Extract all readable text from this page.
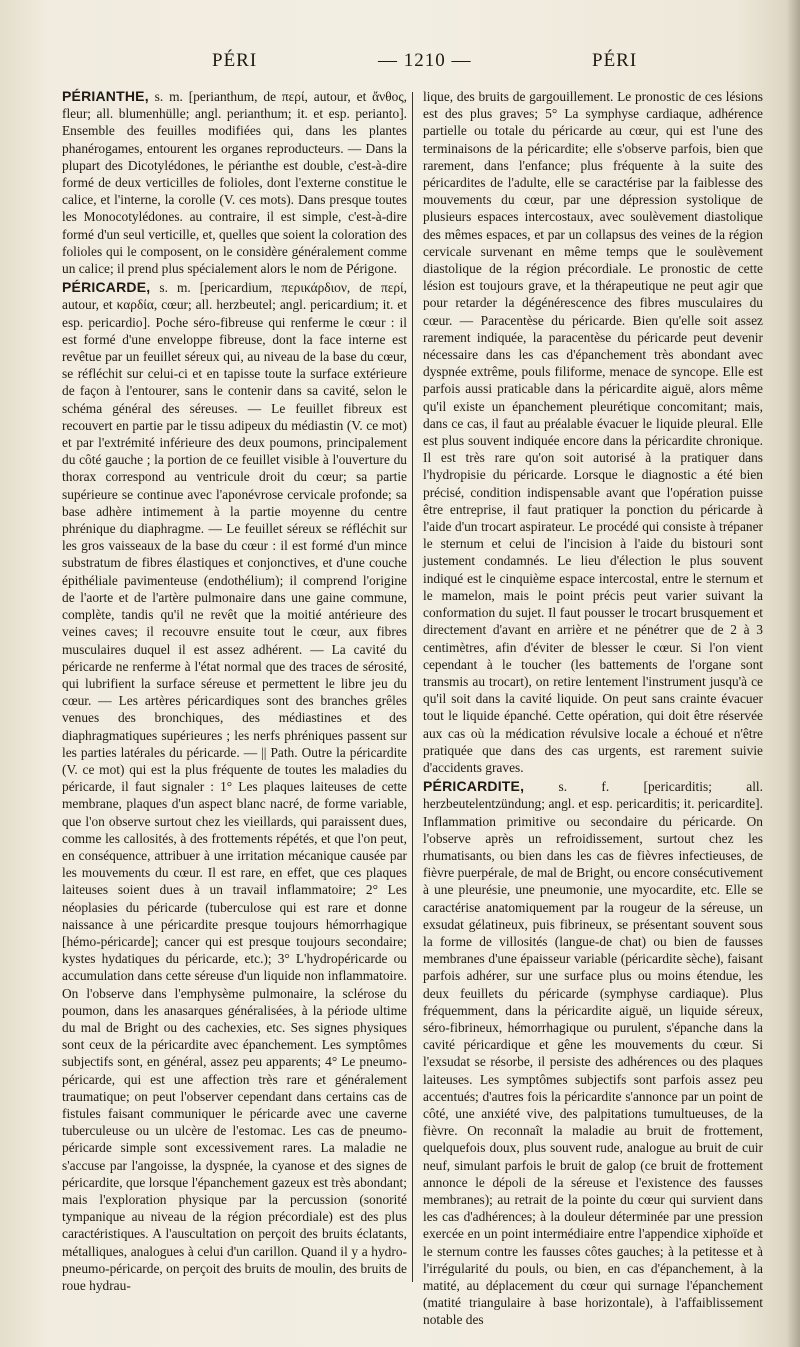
PÉRI	— 1210 —	PÉRI

PÉRIANTHE, s. m. [perianthum, de περί, autour, et ἄνθος, fleur; all. blumenhülle; angl. perianthum; it. et esp. perianto]. Ensemble des feuilles modifiées qui, dans les plantes phanérogames, entourent les organes reproducteurs. — Dans la plupart des Dicotylédones, le périanthe est double, c'est-à-dire formé de deux verticilles de folioles, dont l'externe constitue le calice, et l'interne, la corolle (V. ces mots). Dans presque toutes les Monocotylédones. au contraire, il est simple, c'est-à-dire formé d'un seul verticille, et, quelles que soient la coloration des folioles qui le composent, on le considère généralement comme un calice; il prend plus spécialement alors le nom de Périgone.

PÉRICARDE, s. m. [pericardium, περικάρδιον, de περί, autour, et καρδία, cœur; all. herzbeutel; angl. pericardium; it. et esp. pericardio]. Poche séro-fibreuse qui renferme le cœur : il est formé d'une enveloppe fibreuse, dont la face interne est revêtue par un feuillet séreux qui, au niveau de la base du cœur, se réfléchit sur celui-ci et en tapisse toute la surface extérieure de façon à l'entourer, sans le contenir dans sa cavité, selon le schéma général des séreuses. — Le feuillet fibreux est recouvert en partie par le tissu adipeux du médiastin (V. ce mot) et par l'extrémité inférieure des deux poumons, principalement du côté gauche ; la portion de ce feuillet visible à l'ouverture du thorax correspond au ventricule droit du cœur; sa partie supérieure se continue avec l'aponévrose cervicale profonde; sa base adhère intimement à la partie moyenne du centre phrénique du diaphragme. — Le feuillet séreux se réfléchit sur les gros vaisseaux de la base du cœur : il est formé d'un mince substratum de fibres élastiques et conjonctives, et d'une couche épithéliale pavimenteuse (endothélium); il comprend l'origine de l'aorte et de l'artère pulmonaire dans une gaine commune, complète, tandis qu'il ne revêt que la moitié antérieure des veines caves; il recouvre ensuite tout le cœur, aux fibres musculaires duquel il est assez adhérent. — La cavité du péricarde ne renferme à l'état normal que des traces de sérosité, qui lubrifient la surface séreuse et permettent le libre jeu du cœur. — Les artères péricardiques sont des branches grêles venues des bronchiques, des médiastines et des diaphragmatiques supérieures ; les nerfs phréniques passent sur les parties latérales du péricarde. — || Path. Outre la péricardite (V. ce mot) qui est la plus fréquente de toutes les maladies du péricarde, il faut signaler : 1° Les plaques laiteuses de cette membrane, plaques d'un aspect blanc nacré, de forme variable, que l'on observe surtout chez les vieillards, qui paraissent dues, comme les callosités, à des frottements répétés, et que l'on peut, en conséquence, attribuer à une irritation mécanique causée par les mouvements du cœur. Il est rare, en effet, que ces plaques laiteuses soient dues à un travail inflammatoire; 2° Les néoplasies du péricarde (tuberculose qui est rare et donne naissance à une péricardite presque toujours hémorrhagique [hémo-péricarde]; cancer qui est presque toujours secondaire; kystes hydatiques du péricarde, etc.); 3° L'hydropéricarde ou accumulation dans cette séreuse d'un liquide non inflammatoire. On l'observe dans l'emphysème pulmonaire, la sclérose du poumon, dans les anasarques généralisées, à la période ultime du mal de Bright ou des cachexies, etc. Ses signes physiques sont ceux de la péricardite avec épanchement. Les symptômes subjectifs sont, en général, assez peu apparents; 4° Le pneumo-péricarde, qui est une affection très rare et généralement traumatique; on peut l'observer cependant dans certains cas de fistules faisant communiquer le péricarde avec une caverne tuberculeuse ou un ulcère de l'estomac. Les cas de pneumo-péricarde simple sont excessivement rares. La maladie ne s'accuse par l'angoisse, la dyspnée, la cyanose et des signes de péricardite, que lorsque l'épanchement gazeux est très abondant; mais l'exploration physique par la percussion (sonorité tympanique au niveau de la région précordiale) est des plus caractéristiques. A l'auscultation on perçoit des bruits éclatants, métalliques, analogues à celui d'un carillon. Quand il y a hydro-pneumo-péricarde, on perçoit des bruits de moulin, des bruits de roue hydrau-

lique, des bruits de gargouillement. Le pronostic de ces lésions est des plus graves; 5° La symphyse cardiaque, adhérence partielle ou totale du péricarde au cœur, qui est l'une des terminaisons de la péricardite; elle s'observe parfois, bien que rarement, dans l'enfance; plus fréquente à la suite des péricardites de l'adulte, elle se caractérise par la faiblesse des mouvements du cœur, par une dépression systolique de plusieurs espaces intercostaux, avec soulèvement diastolique des mêmes espaces, et par un collapsus des veines de la région cervicale survenant en même temps que le soulèvement diastolique de la région précordiale. Le pronostic de cette lésion est toujours grave, et la thérapeutique ne peut agir que pour retarder la dégénérescence des fibres musculaires du cœur. — Paracentèse du péricarde. Bien qu'elle soit assez rarement indiquée, la paracentèse du péricarde peut devenir nécessaire dans les cas d'épanchement très abondant avec dyspnée extrême, pouls filiforme, menace de syncope. Elle est parfois aussi praticable dans la péricardite aiguë, alors même qu'il existe un épanchement pleurétique concomitant; mais, dans ce cas, il faut au préalable évacuer le liquide pleural. Elle est plus souvent indiquée encore dans la péricardite chronique. Il est très rare qu'on soit autorisé à la pratiquer dans l'hydropisie du péricarde. Lorsque le diagnostic a été bien précisé, condition indispensable avant que l'opération puisse être entreprise, il faut pratiquer la ponction du péricarde à l'aide d'un trocart aspirateur. Le procédé qui consiste à trépaner le sternum et celui de l'incision à l'aide du bistouri sont justement condamnés. Le lieu d'élection le plus souvent indiqué est le cinquième espace intercostal, entre le sternum et le mamelon, mais le point précis peut varier suivant la conformation du sujet. Il faut pousser le trocart brusquement et directement d'avant en arrière et ne pénétrer que de 2 à 3 centimètres, afin d'éviter de blesser le cœur. Si l'on vient cependant à le toucher (les battements de l'organe sont transmis au trocart), on retire lentement l'instrument jusqu'à ce qu'il soit dans la cavité liquide. On peut sans crainte évacuer tout le liquide épanché. Cette opération, qui doit être réservée aux cas où la médication révulsive locale a échoué et n'être pratiquée que dans des cas urgents, est rarement suivie d'accidents graves.

PÉRICARDITE,	s. f. [pericarditis; all. herzbeutelentzündung; angl. et esp. pericarditis; it. pericardite]. Inflammation primitive ou secondaire du péricarde. On l'observe après un refroidissement, surtout chez les rhumatisants, ou bien dans les cas de fièvres infectieuses, de fièvre puerpérale, de mal de Bright, ou encore consécutivement à une pleurésie, une pneumonie, une myocardite, etc. Elle se caractérise anatomiquement par la rougeur de la séreuse, un exsudat gélatineux, puis fibrineux, se présentant souvent sous la forme de villosités (langue-de chat) ou bien de fausses membranes d'une épaisseur variable (péricardite sèche), faisant parfois adhérer, sur une surface plus ou moins étendue, les deux feuillets du péricarde (symphyse cardiaque). Plus fréquemment, dans la péricardite aiguë, un liquide séreux, séro-fibrineux, hémorrhagique ou purulent, s'épanche dans la cavité péricardique et gêne les mouvements du cœur. Si l'exsudat se résorbe, il persiste des adhérences ou des plaques laiteuses. Les symptômes subjectifs sont parfois assez peu accentués; d'autres fois la péricardite s'annonce par un point de côté, une anxiété vive, des palpitations tumultueuses, de la fièvre. On reconnaît la maladie au bruit de frottement, quelquefois doux, plus souvent rude, analogue au bruit de cuir neuf, simulant parfois le bruit de galop (ce bruit de frottement annonce le dépoli de la séreuse et l'existence des fausses membranes); au retrait de la pointe du cœur qui survient dans les cas d'adhérences; à la douleur déterminée par une pression exercée en un point intermédiaire entre l'appendice xiphoïde et le sternum contre les fausses côtes gauches; à la petitesse et à l'irrégularité du pouls, ou bien, en cas d'épanchement, à la matité, au déplacement du cœur qui surnage l'épanchement (matité triangulaire à base horizontale), à l'affaiblissement notable des
